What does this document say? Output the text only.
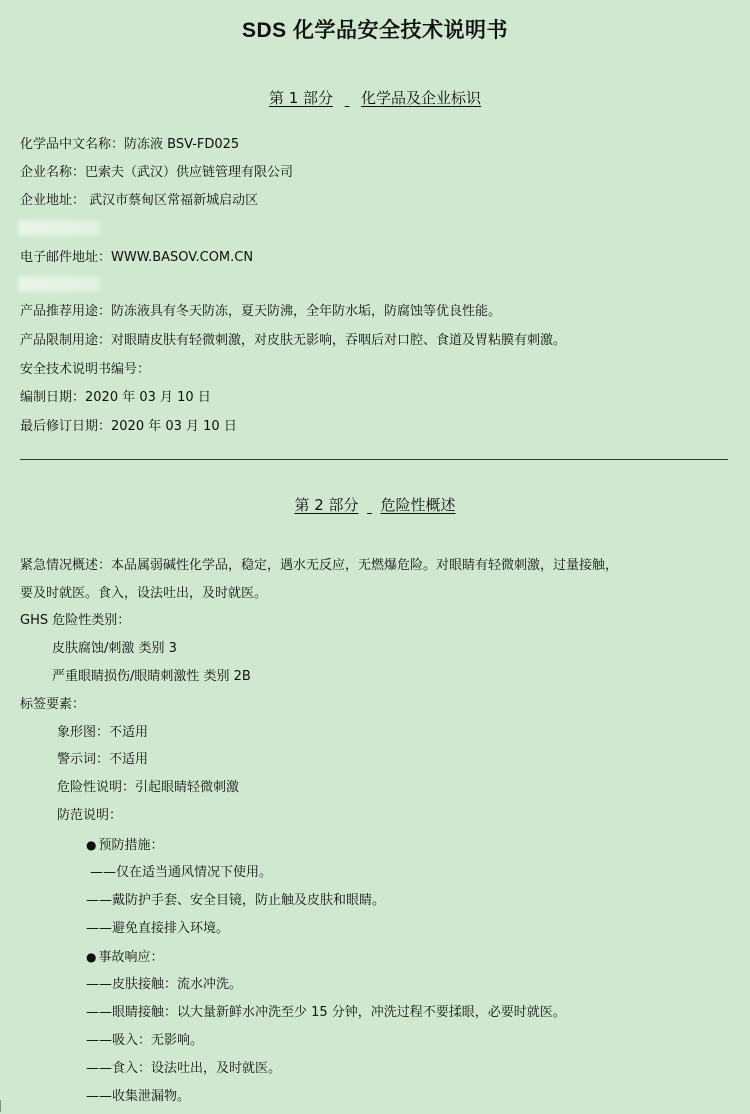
SDS 化学品安全技术说明书
第 1 部分 化学品及企业标识
化学品中文名称：防冻液 BSV-FD025
企业名称：巴索夫（武汉）供应链管理有限公司
企业地址： 武汉市蔡甸区常福新城启动区
电子邮件地址：WWW.BASOV.COM.CN
产品推荐用途：防冻液具有冬天防冻，夏天防沸，全年防水垢，防腐蚀等优良性能。
产品限制用途：对眼睛皮肤有轻微刺激，对皮肤无影响，吞咽后对口腔、食道及胃粘膜有刺激。
安全技术说明书编号：
编制日期：2020 年 03 月 10 日
最后修订日期：2020 年 03 月 10 日
第 2 部分 危险性概述
紧急情况概述：本品属弱碱性化学品，稳定，遇水无反应，无燃爆危险。对眼睛有轻微刺激，过量接触，
要及时就医。食入，设法吐出，及时就医。
GHS 危险性类别：
皮肤腐蚀/刺激 类别 3
严重眼睛损伤/眼睛刺激性 类别 2B
标签要素：
象形图：不适用
警示词：不适用
危险性说明：引起眼睛轻微刺激
防范说明：
● 预防措施：
——仅在适当通风情况下使用。
——戴防护手套、安全目镜，防止触及皮肤和眼睛。
——避免直接排入环境。
● 事故响应：
——皮肤接触：流水冲洗。
——眼睛接触：以大量新鲜水冲洗至少 15 分钟，冲洗过程不要揉眼，必要时就医。
——吸入：无影响。
——食入：设法吐出，及时就医。
——收集泄漏物。
